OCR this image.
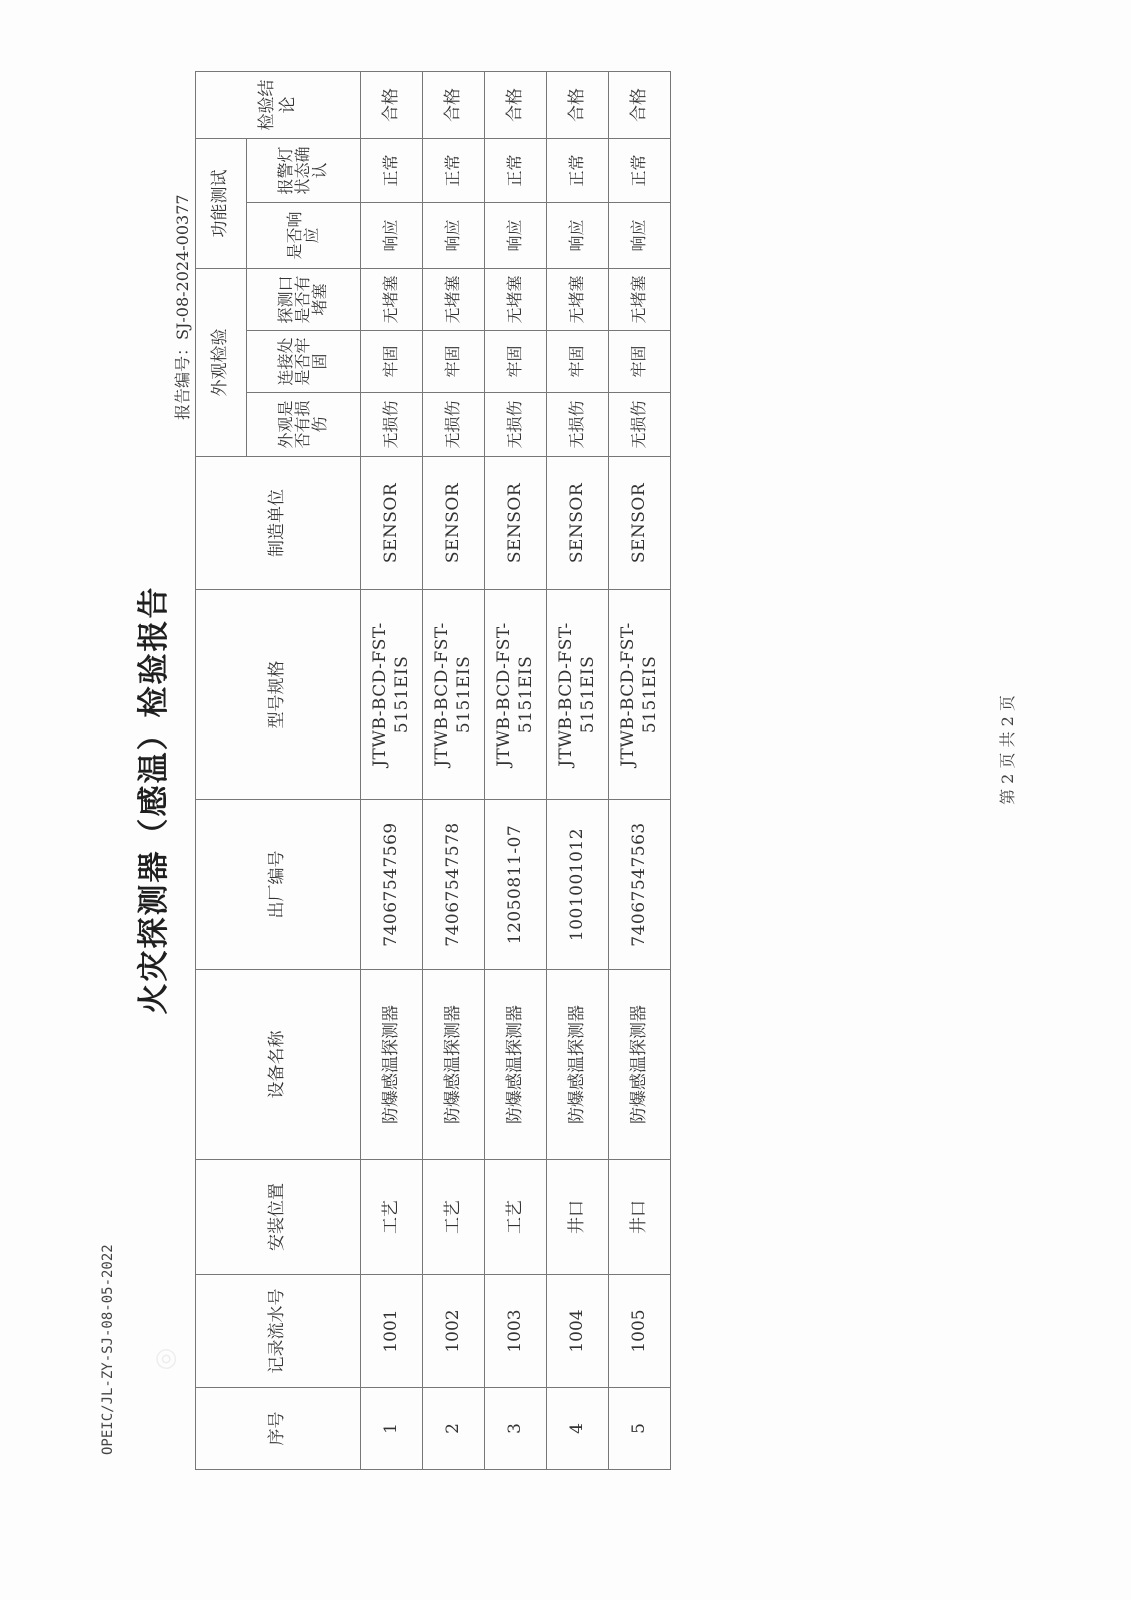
◎
OPEIC/JL-ZY-SJ-08-05-2022
火灾探测器（感温）检验报告
报告编号：SJ-08-2024-00377
序号	记录流水号	安装位置	设备名称	出厂编号	型号规格	制造单位	外观检验			功能测试		检验结论
							外观是否有损伤	连接处是否牢固	探测口是否有堵塞	是否响应	报警灯状态确认	
1	1001	工艺	防爆感温探测器	74067547569	JTWB-BCD-FST-5151EIS	SENSOR	无损伤	牢固	无堵塞	响应	正常	合格
2	1002	工艺	防爆感温探测器	74067547578	JTWB-BCD-FST-5151EIS	SENSOR	无损伤	牢固	无堵塞	响应	正常	合格
3	1003	工艺	防爆感温探测器	12050811-07	JTWB-BCD-FST-5151EIS	SENSOR	无损伤	牢固	无堵塞	响应	正常	合格
4	1004	井口	防爆感温探测器	1001001012	JTWB-BCD-FST-5151EIS	SENSOR	无损伤	牢固	无堵塞	响应	正常	合格
5	1005	井口	防爆感温探测器	74067547563	JTWB-BCD-FST-5151EIS	SENSOR	无损伤	牢固	无堵塞	响应	正常	合格
第 2 页 共 2 页
